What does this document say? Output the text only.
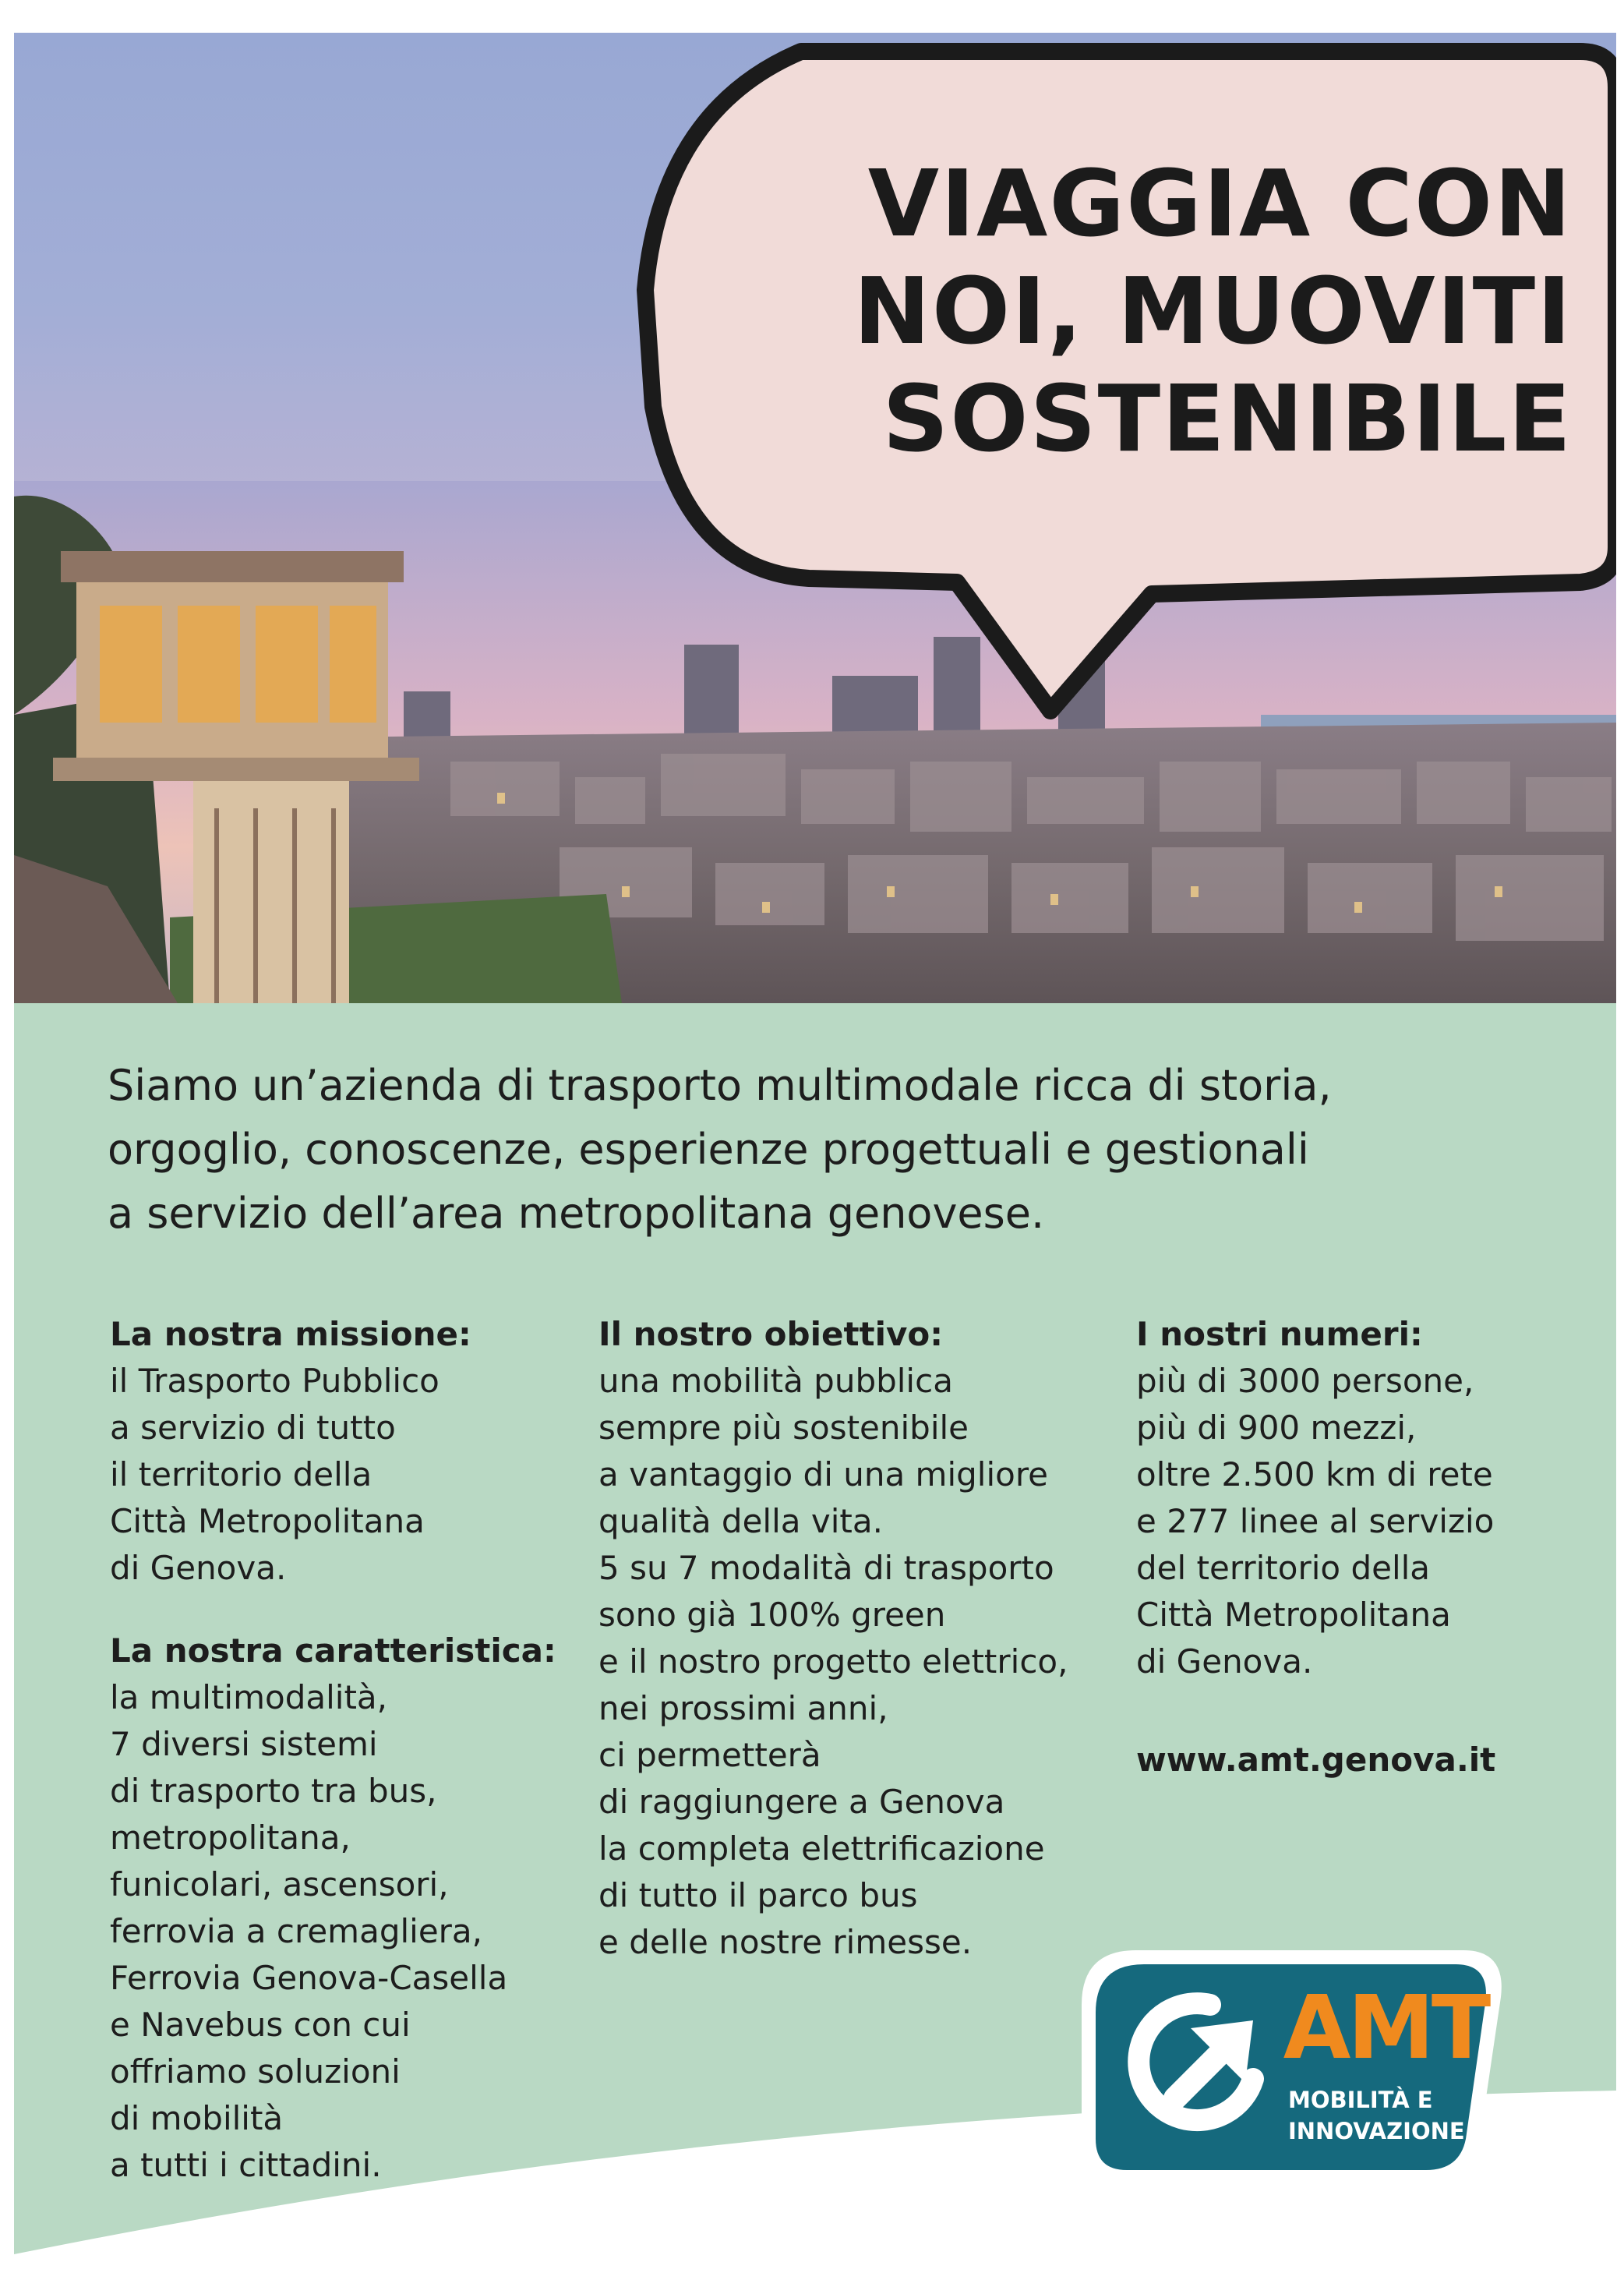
VIAGGIA CON
NOI, MUOVITI
SOSTENIBILE
Siamo un’azienda di trasporto multimodale ricca di storia,
orgoglio, conoscenze, esperienze progettuali e gestionali
a servizio dell’area metropolitana genovese.
La nostra missione:
il Trasporto Pubblico
a servizio di tutto
il territorio della
Città Metropolitana
di Genova.
La nostra caratteristica:
la multimodalità,
7 diversi sistemi
di trasporto tra bus,
metropolitana,
funicolari, ascensori,
ferrovia a cremagliera,
Ferrovia Genova-Casella
e Navebus con cui
offriamo soluzioni
di mobilità
a tutti i cittadini.
Il nostro obiettivo:
una mobilità pubblica
sempre più sostenibile
a vantaggio di una migliore
qualità della vita.
5 su 7 modalità di trasporto
sono già 100% green
e il nostro progetto elettrico,
nei prossimi anni,
ci permetterà
di raggiungere a Genova
la completa elettrificazione
di tutto il parco bus
e delle nostre rimesse.
I nostri numeri:
più di 3000 persone,
più di 900 mezzi,
oltre 2.500 km di rete
e 277 linee al servizio
del territorio della
Città Metropolitana
di Genova.
www.amt.genova.it
AMT
MOBILITÀ E
INNOVAZIONE
